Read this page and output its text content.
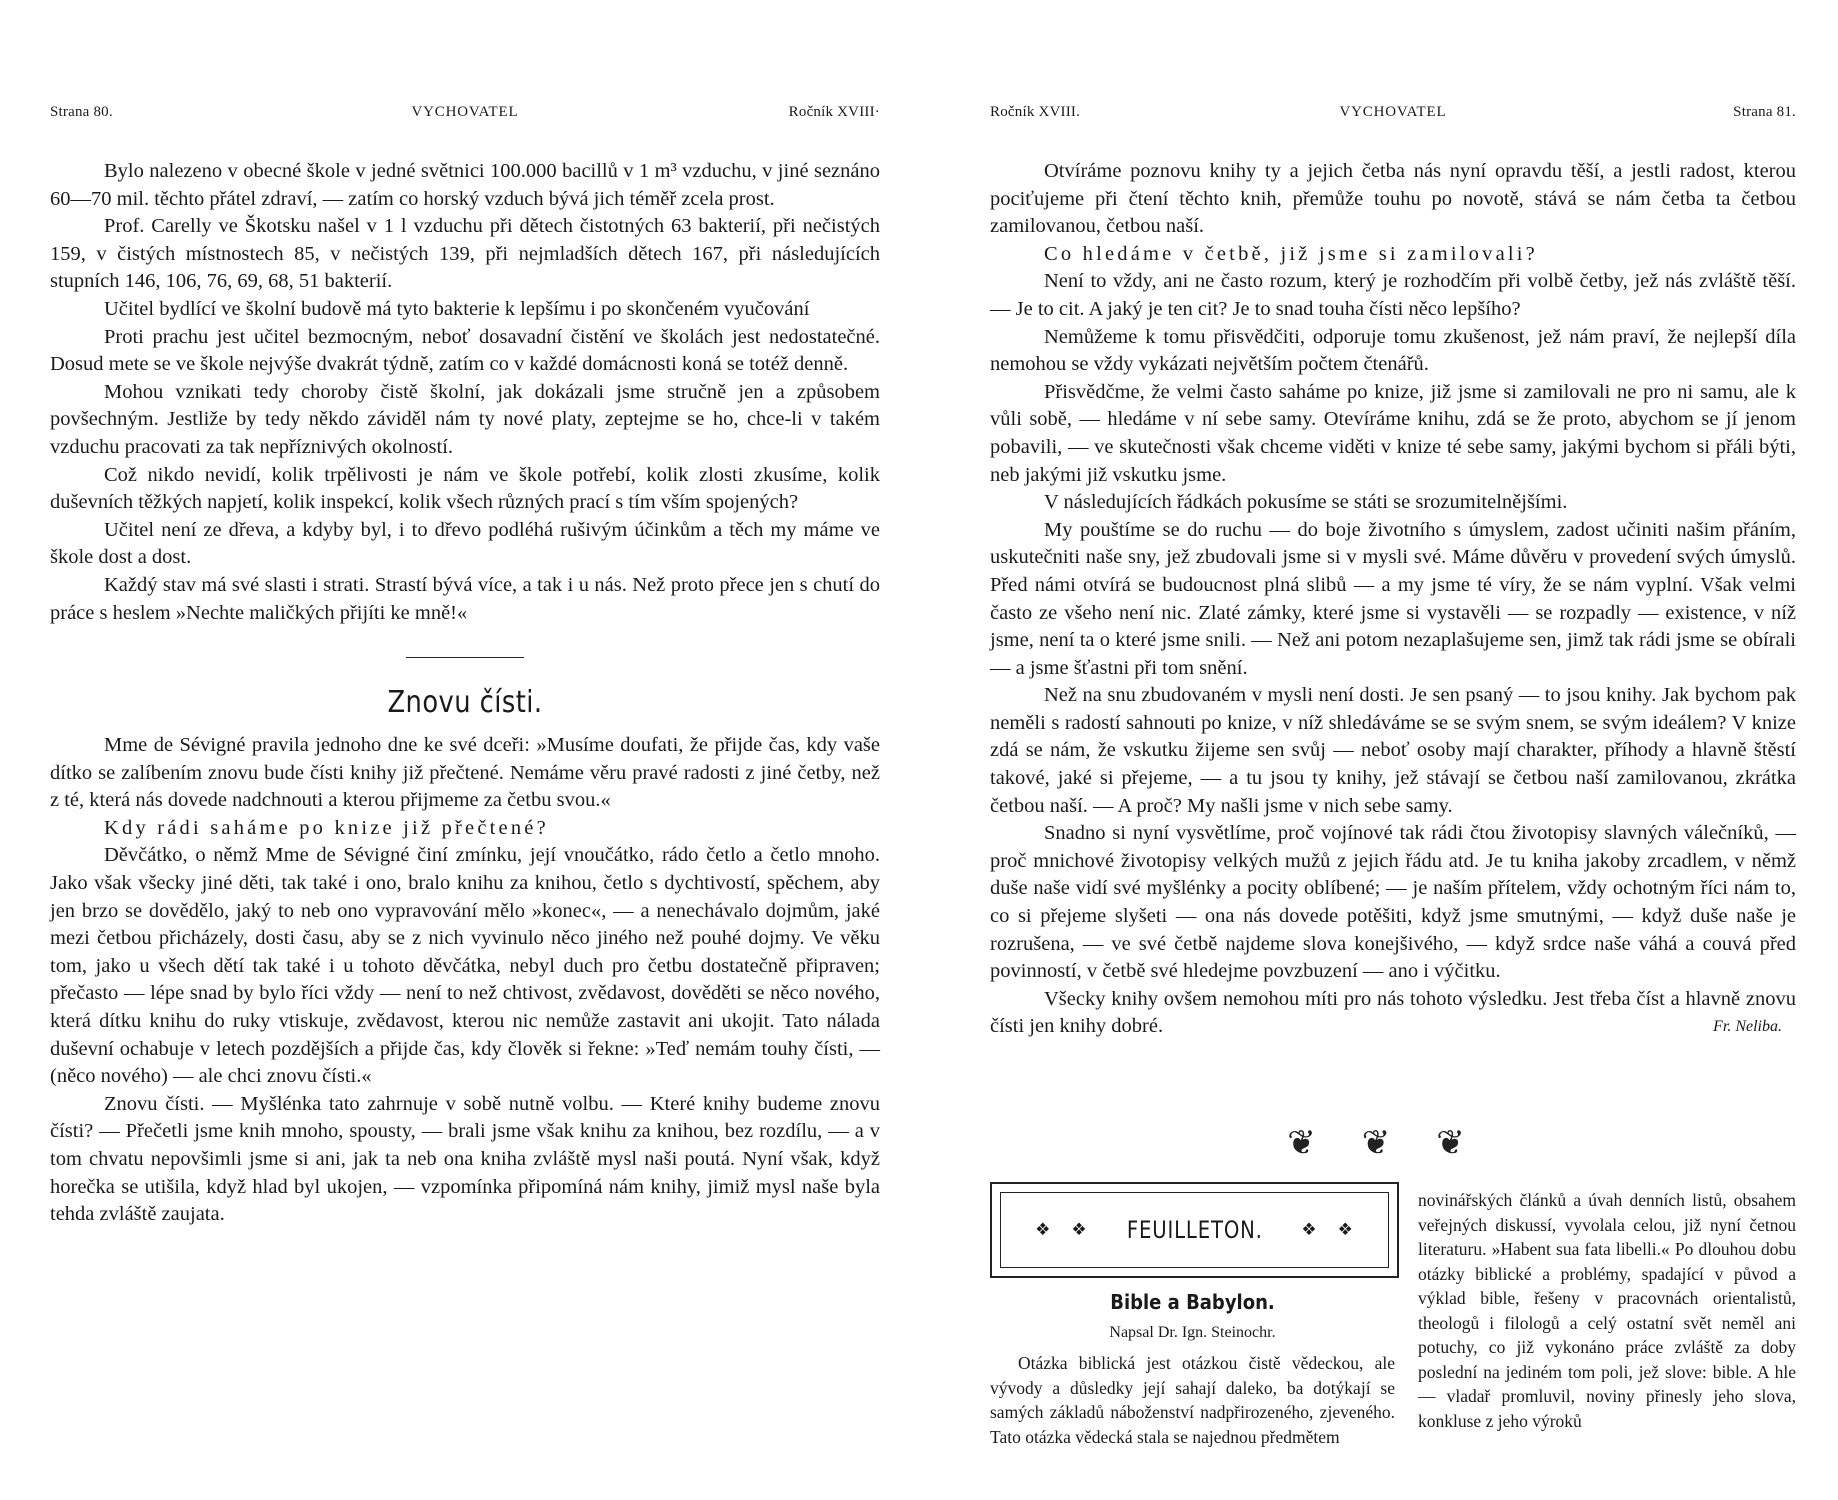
Strana 80.	VYCHOVATEL	Ročník XVIII·

Bylo nalezeno v obecné škole v jedné světnici 100.000 bacillů v 1 m³ vzduchu, v jiné seznáno 60—70 mil. těchto přátel zdraví, — zatím co horský vzduch bývá jich téměř zcela prost.

Prof. Carelly ve Škotsku našel v 1 l vzduchu při dětech čistotných 63 bakterií, při nečistých 159, v čistých místnostech 85, v nečistých 139, při nejmladších dětech 167, při následujících stupních 146, 106, 76, 69, 68, 51 bakterií.

Učitel bydlící ve školní budově má tyto bakterie k lepšímu i po skončeném vyučování

Proti prachu jest učitel bezmocným, neboť dosavadní čistění ve školách jest nedostatečné. Dosud mete se ve škole nejvýše dvakrát týdně, zatím co v každé domácnosti koná se totéž denně.

Mohou vznikati tedy choroby čistě školní, jak dokázali jsme stručně jen a způsobem povšechným. Jestliže by tedy někdo záviděl nám ty nové platy, zeptejme se ho, chce-li v takém vzduchu pracovati za tak nepříznivých okolností.

Což nikdo nevidí, kolik trpělivosti je nám ve škole potřebí, kolik zlosti zkusíme, kolik duševních těžkých napjetí, kolik inspekcí, kolik všech různých prací s tím vším spojených?

Učitel není ze dřeva, a kdyby byl, i to dřevo podléhá rušivým účinkům a těch my máme ve škole dost a dost.

Každý stav má své slasti i strati. Strastí bývá více, a tak i u nás. Než proto přece jen s chutí do práce s heslem »Nechte maličkých přijíti ke mně!«

Znovu čísti.

Mme de Sévigné pravila jednoho dne ke své dceři: »Musíme doufati, že přijde čas, kdy vaše dítko se zalíbením znovu bude čísti knihy již přečtené. Nemáme věru pravé radosti z jiné četby, než z té, která nás dovede nadchnouti a kterou přijmeme za četbu svou.«

Kdy rádi saháme po knize již přečtené?

Děvčátko, o němž Mme de Sévigné činí zmínku, její vnoučátko, rádo četlo a četlo mnoho. Jako však všecky jiné děti, tak také i ono, bralo knihu za knihou, četlo s dychtivostí, spěchem, aby jen brzo se dovědělo, jaký to neb ono vypravování mělo »konec«, — a nenechávalo dojmům, jaké mezi četbou přicházely, dosti času, aby se z nich vyvinulo něco jiného než pouhé dojmy. Ve věku tom, jako u všech dětí tak také i u tohoto děvčátka, nebyl duch pro četbu dostatečně připraven; přečasto — lépe snad by bylo říci vždy — není to než chtivost, zvědavost, dověděti se něco nového, která dítku knihu do ruky vtiskuje, zvědavost, kterou nic nemůže zastavit ani ukojit. Tato nálada duševní ochabuje v letech pozdějších a přijde čas, kdy člověk si řekne: »Teď nemám touhy čísti, — (něco nového) — ale chci znovu čísti.«

Znovu čísti. — Myšlénka tato zahrnuje v sobě nutně volbu. — Které knihy budeme znovu čísti? — Přečetli jsme knih mnoho, spousty, — brali jsme však knihu za knihou, bez rozdílu, — a v tom chvatu nepovšimli jsme si ani, jak ta neb ona kniha zvláště mysl naši poutá. Nyní však, když horečka se utišila, když hlad byl ukojen, — vzpomínka připomíná nám knihy, jimiž mysl naše byla tehda zvláště zaujata.

Ročník XVIII.	VYCHOVATEL	Strana 81.

Otvíráme poznovu knihy ty a jejich četba nás nyní opravdu těší, a jestli radost, kterou pociťujeme při čtení těchto knih, přemůže touhu po novotě, stává se nám četba ta četbou zamilovanou, četbou naší.

Co hledáme v četbě, již jsme si zamilovali?

Není to vždy, ani ne často rozum, který je rozhodčím při volbě četby, jež nás zvláště těší. — Je to cit. A jaký je ten cit? Je to snad touha čísti něco lepšího?

Nemůžeme k tomu přisvědčiti, odporuje tomu zkušenost, jež nám praví, že nejlepší díla nemohou se vždy vykázati největším počtem čtenářů.

Přisvědčme, že velmi často saháme po knize, již jsme si zamilovali ne pro ni samu, ale k vůli sobě, — hledáme v ní sebe samy. Otevíráme knihu, zdá se že proto, abychom se jí jenom pobavili, — ve skutečnosti však chceme viděti v knize té sebe samy, jakými bychom si přáli býti, neb jakými již vskutku jsme.

V následujících řádkách pokusíme se státi se srozumitelnějšími.

My pouštíme se do ruchu — do boje životního s úmyslem, zadost učiniti našim přáním, uskutečniti naše sny, jež zbudovali jsme si v mysli své. Máme důvěru v provedení svých úmyslů. Před námi otvírá se budoucnost plná slibů — a my jsme té víry, že se nám vyplní. Však velmi často ze všeho není nic. Zlaté zámky, které jsme si vystavěli — se rozpadly — existence, v níž jsme, není ta o které jsme snili. — Než ani potom nezaplašujeme sen, jimž tak rádi jsme se obírali — a jsme šťastni při tom snění.

Než na snu zbudovaném v mysli není dosti. Je sen psaný — to jsou knihy. Jak bychom pak neměli s radostí sahnouti po knize, v níž shledáváme se se svým snem, se svým ideálem? V knize zdá se nám, že vskutku žijeme sen svůj — neboť osoby mají charakter, příhody a hlavně štěstí takové, jaké si přejeme, — a tu jsou ty knihy, jež stávají se četbou naší zamilovanou, zkrátka četbou naší. — A proč? My našli jsme v nich sebe samy.

Snadno si nyní vysvětlíme, proč vojínové tak rádi čtou životopisy slavných válečníků, — proč mnichové životopisy velkých mužů z jejich řádu atd. Je tu kniha jakoby zrcadlem, v němž duše naše vidí své myšlénky a pocity oblíbené; — je naším přítelem, vždy ochotným říci nám to, co si přejeme slyšeti — ona nás dovede potěšiti, když jsme smutnými, — když duše naše je rozrušena, — ve své četbě najdeme slova konejšivého, — když srdce naše váhá a couvá před povinností, v četbě své hledejme povzbuzení — ano i výčitku.

Všecky knihy ovšem nemohou míti pro nás tohoto výsledku. Jest třeba číst a hlavně znovu čísti jen knihy dobré.	Fr. Neliba.

❦ ❦ ❦
❖ ❖ FEUILLETON. ❖ ❖
Bible a Babylon.
Napsal Dr. Ign. Steinochr.

Otázka biblická jest otázkou čistě vědeckou, ale vývody a důsledky její sahají daleko, ba dotýkají se samých základů náboženství nadpřirozeného, zjeveného. Tato otázka vědecká stala se najednou předmětem

novinářských článků a úvah denních listů, obsahem veřejných diskussí, vyvolala celou, již nyní četnou literaturu. »Habent sua fata libelli.« Po dlouhou dobu otázky biblické a problémy, spadající v původ a výklad bible, řešeny v pracovnách orientalistů, theologů i filologů a celý ostatní svět neměl ani potuchy, co již vykonáno práce zvláště za doby poslední na jediném tom poli, jež slove: bible. A hle — vladař promluvil, noviny přinesly jeho slova, konkluse z jeho výroků
